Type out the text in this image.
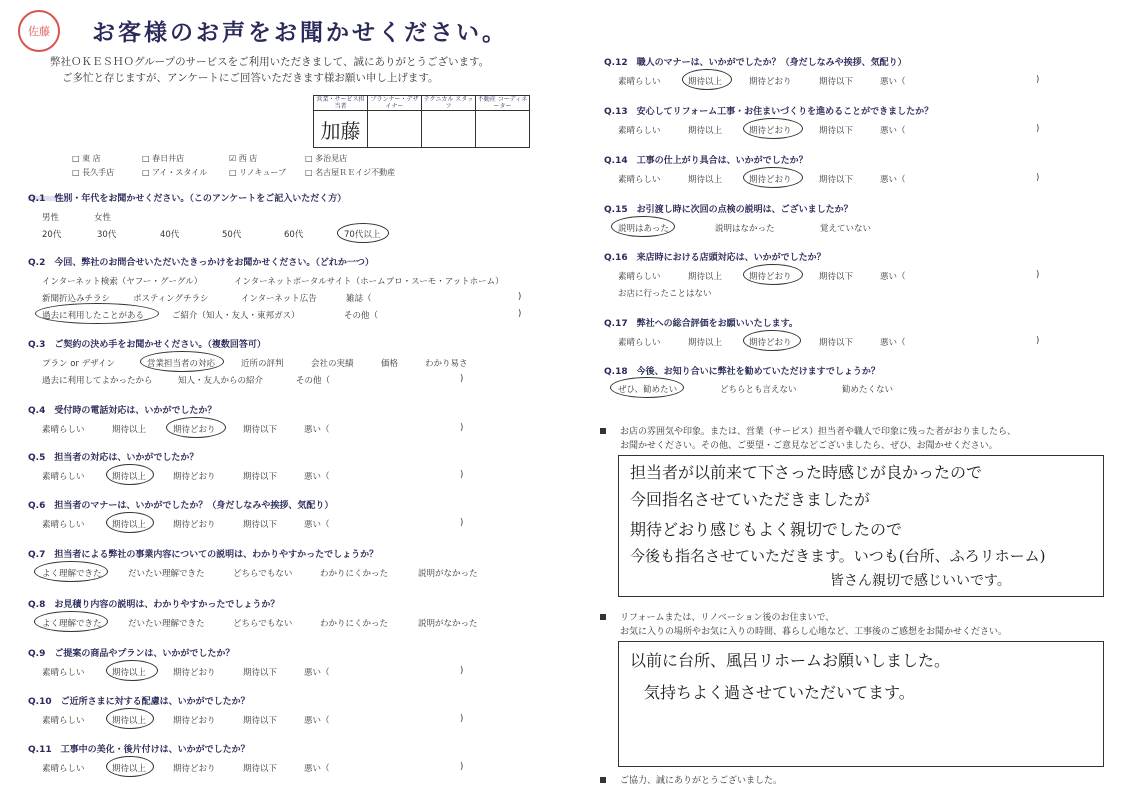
佐藤 お客様のお声をお聞かせください。
弊社ＯＫＥＳＨＯグループのサービスをご利用いただきまして、誠にありがとうございます。
ご多忙と存じますが、アンケートにご回答いただきます様お願い申し上げます。
営業・サービス担当者	プランナー・デザイナー	テクニカル スタッフ	不動産 コーディネーター
加藤			
□ 東 店	□ 春日井店	☑ 西 店	□ 多治見店
□ 長久手店	□ アイ・スタイル	□ リノキューブ □ 名古屋ＲＥイジ不動産
Q.1　性別・年代をお聞かせください。（このアンケートをご記入いただく方）
男性	女性
20代	30代	40代	50代	60代	70代以上
Q.2　今回、弊社のお問合せいただいたきっかけをお聞かせください。（どれか一つ）
インターネット検索（ヤフー・グーグル）	インターネットポータルサイト（ホームプロ・スーモ・アットホーム）
新聞折込みチラシ	ポスティングチラシ	インターネット広告	雑誌（	)
過去に利用したことがある	ご紹介（知人・友人・東邦ガス）	その他（	)
Q.3　ご契約の決め手をお聞かせください。（複数回答可）
プラン or デザイン	営業担当者の対応	近所の評判	会社の実績	価格	わかり易さ
過去に利用してよかったから	知人・友人からの紹介	その他（	)
Q.4　受付時の電話対応は、いかがでしたか？
素晴らしい	期待以上	期待どおり	期待以下	悪い（	)
Q.5　担当者の対応は、いかがでしたか？
素晴らしい	期待以上	期待どおり	期待以下	悪い（	)
Q.6　担当者のマナーは、いかがでしたか？（身だしなみや挨拶、気配り）
素晴らしい	期待以上	期待どおり	期待以下	悪い（	)
Q.7　担当者による弊社の事業内容についての説明は、わかりやすかったでしょうか？
よく理解できた	だいたい理解できた	どちらでもない	わかりにくかった	説明がなかった
Q.8　お見積り内容の説明は、わかりやすかったでしょうか？
よく理解できた	だいたい理解できた	どちらでもない	わかりにくかった	説明がなかった
Q.9　ご提案の商品やプランは、いかがでしたか？
素晴らしい	期待以上	期待どおり	期待以下	悪い（	)
Q.10　ご近所さまに対する配慮は、いかがでしたか？
素晴らしい	期待以上	期待どおり	期待以下	悪い（	)
Q.11　工事中の美化・後片付けは、いかがでしたか？
素晴らしい	期待以上	期待どおり	期待以下	悪い（	)
Q.12　職人のマナーは、いかがでしたか？（身だしなみや挨拶、気配り）
素晴らしい	期待以上	期待どおり	期待以下	悪い（	)
Q.13　安心してリフォーム工事・お住まいづくりを進めることができましたか？
素晴らしい	期待以上	期待どおり	期待以下	悪い（	)
Q.14　工事の仕上がり具合は、いかがでしたか？
素晴らしい	期待以上	期待どおり	期待以下	悪い（	)
Q.15　お引渡し時に次回の点検の説明は、ございましたか？
説明はあった	説明はなかった	覚えていない
Q.16　来店時における店頭対応は、いかがでしたか？
素晴らしい	期待以上	期待どおり	期待以下	悪い（	)
お店に行ったことはない
Q.17　弊社への総合評価をお願いいたします。
素晴らしい	期待以上	期待どおり	期待以下	悪い（	)
Q.18　今後、お知り合いに弊社を勧めていただけますでしょうか？
ぜひ、勧めたい	どちらとも言えない	勧めたくない
お店の雰囲気や印象。または、営業（サービス）担当者や職人で印象に残った者がおりましたら、
お聞かせください。その他、ご要望・ご意見などございましたら、ぜひ、お聞かせください。
担当者が以前来て下さった時感じが良かったので
今回指名させていただきましたが
期待どおり感じもよく親切でしたので
今後も指名させていただきます。いつも(台所、ふろリホーム)
皆さん親切で感じいいです。
リフォームまたは、リノベーション後のお住まいで、
お気に入りの場所やお気に入りの時間、暮らし心地など、工事後のご感想をお聞かせください。
以前に台所、風呂リホームお願いしました。
気持ちよく過させていただいてます。
ご協力、誠にありがとうございました。
